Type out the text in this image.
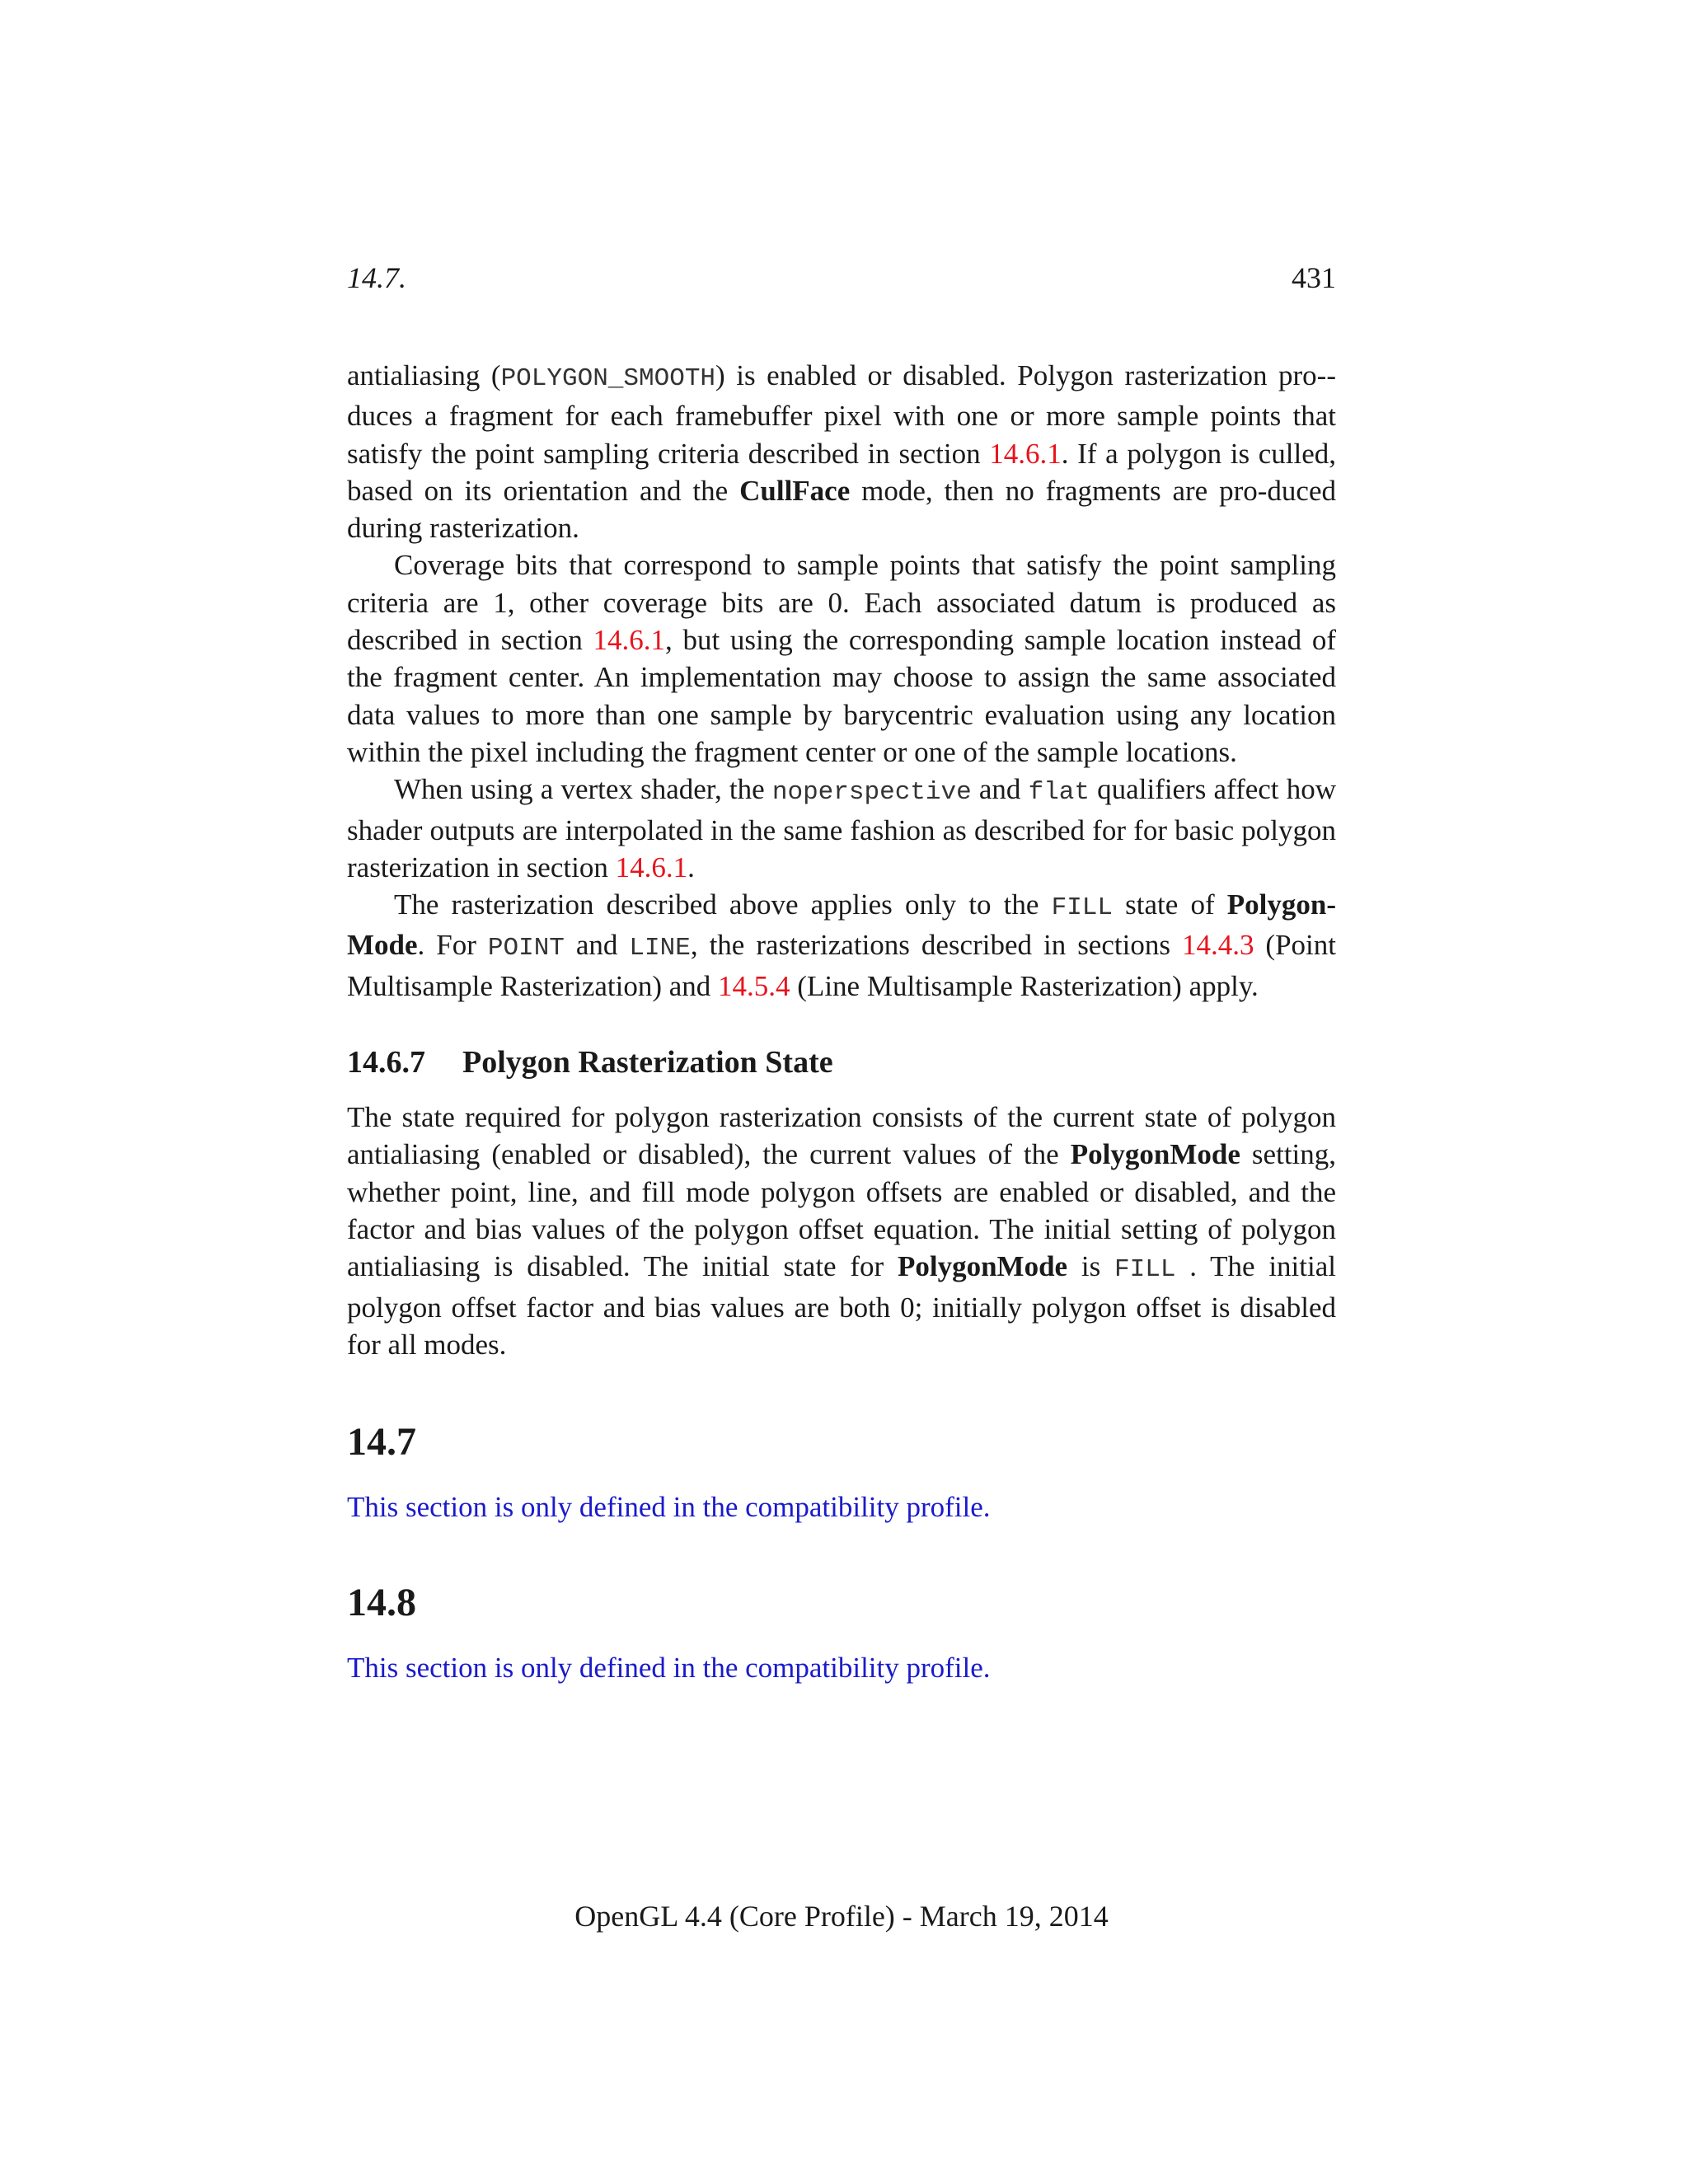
14.7.	431

antialiasing (POLYGON_SMOOTH) is enabled or disabled. Polygon rasterization pro-duces a fragment for each framebuffer pixel with one or more sample points that satisfy the point sampling criteria described in section 14.6.1. If a polygon is culled, based on its orientation and the CullFace mode, then no fragments are pro-duced during rasterization.

Coverage bits that correspond to sample points that satisfy the point sampling criteria are 1, other coverage bits are 0. Each associated datum is produced as described in section 14.6.1, but using the corresponding sample location instead of the fragment center. An implementation may choose to assign the same associated data values to more than one sample by barycentric evaluation using any location within the pixel including the fragment center or one of the sample locations.

When using a vertex shader, the noperspective and flat qualifiers affect how shader outputs are interpolated in the same fashion as described for for basic polygon rasterization in section 14.6.1.

The rasterization described above applies only to the FILL state of Polygon-Mode. For POINT and LINE, the rasterizations described in sections 14.4.3 (Point Multisample Rasterization) and 14.5.4 (Line Multisample Rasterization) apply.

14.6.7 Polygon Rasterization State

The state required for polygon rasterization consists of the current state of polygon antialiasing (enabled or disabled), the current values of the PolygonMode setting, whether point, line, and fill mode polygon offsets are enabled or disabled, and the factor and bias values of the polygon offset equation. The initial setting of polygon antialiasing is disabled. The initial state for PolygonMode is FILL . The initial polygon offset factor and bias values are both 0; initially polygon offset is disabled for all modes.

14.7

This section is only defined in the compatibility profile.

14.8

This section is only defined in the compatibility profile.

OpenGL 4.4 (Core Profile) - March 19, 2014
